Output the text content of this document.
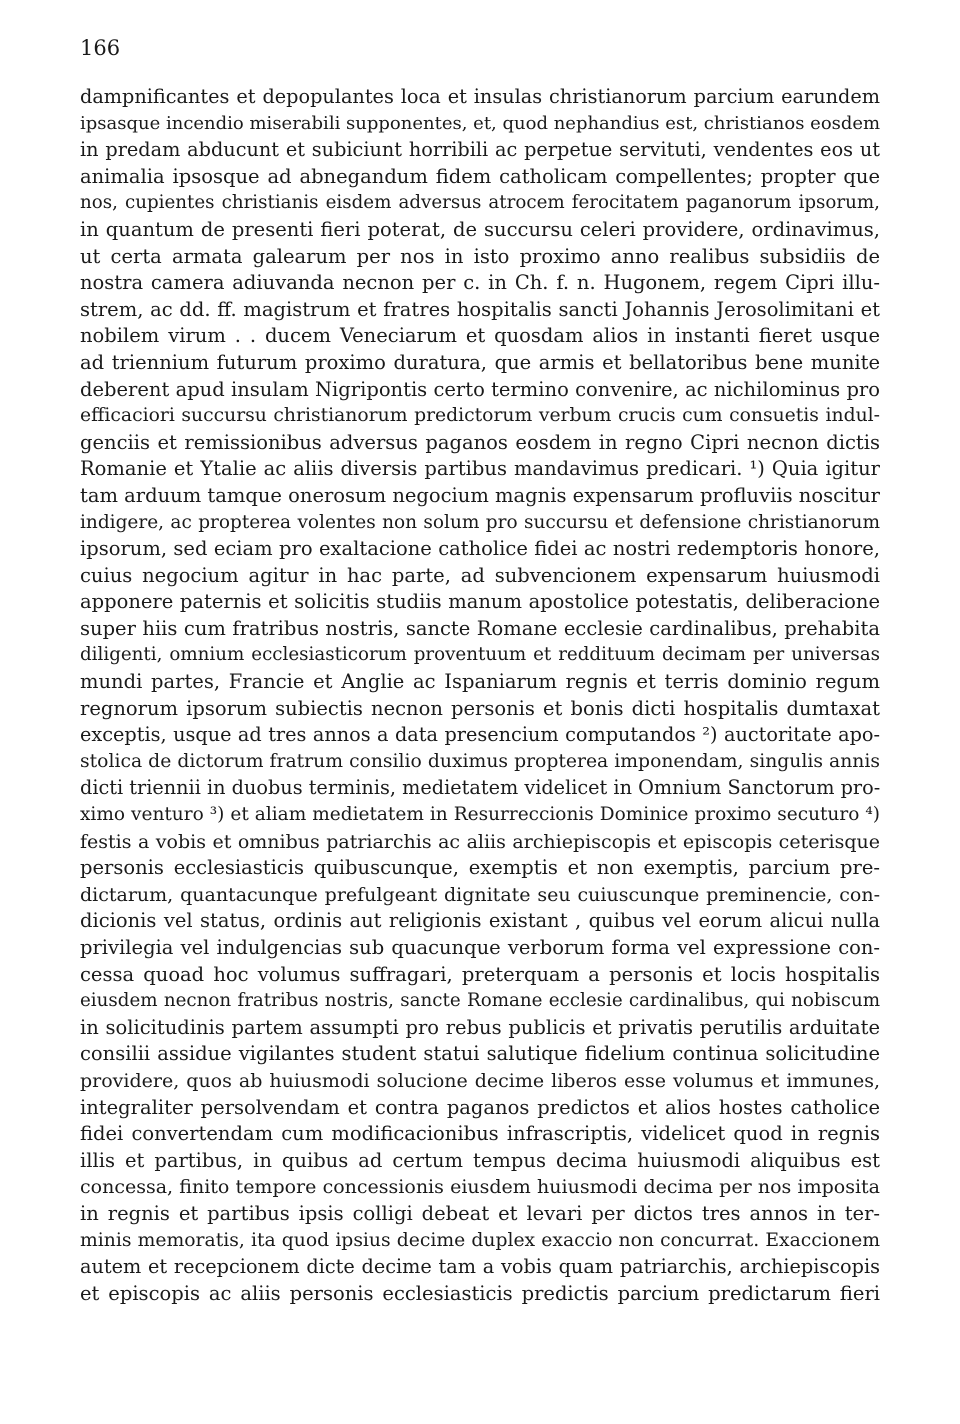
166
dampnificantes et depopulantes loca et insulas christianorum parcium earundem
ipsasque incendio miserabili supponentes, et, quod nephandius est, christianos eosdem
in predam abducunt et subiciunt horribili ac perpetue servituti, vendentes eos ut
animalia ipsosque ad abnegandum fidem catholicam compellentes; propter que
nos, cupientes christianis eisdem adversus atrocem ferocitatem paganorum ipsorum,
in quantum de presenti fieri poterat, de succursu celeri providere, ordinavimus,
ut certa armata galearum per nos in isto proximo anno realibus subsidiis de
nostra camera adiuvanda necnon per c. in Ch. f. n. Hugonem, regem Cipri illu-
strem, ac dd. ff. magistrum et fratres hospitalis sancti Johannis Jerosolimitani et
nobilem virum . . ducem Veneciarum et quosdam alios in instanti fieret usque
ad triennium futurum proximo duratura, que armis et bellatoribus bene munite
deberent apud insulam Nigripontis certo termino convenire, ac nichilominus pro
efficaciori succursu christianorum predictorum verbum crucis cum consuetis indul-
genciis et remissionibus adversus paganos eosdem in regno Cipri necnon dictis
Romanie et Ytalie ac aliis diversis partibus mandavimus predicari. ¹) Quia igitur
tam arduum tamque onerosum negocium magnis expensarum profluviis noscitur
indigere, ac propterea volentes non solum pro succursu et defensione christianorum
ipsorum, sed eciam pro exaltacione catholice fidei ac nostri redemptoris honore,
cuius negocium agitur in hac parte, ad subvencionem expensarum huiusmodi
apponere paternis et solicitis studiis manum apostolice potestatis, deliberacione
super hiis cum fratribus nostris, sancte Romane ecclesie cardinalibus, prehabita
diligenti, omnium ecclesiasticorum proventuum et reddituum decimam per universas
mundi partes, Francie et Anglie ac Ispaniarum regnis et terris dominio regum
regnorum ipsorum subiectis necnon personis et bonis dicti hospitalis dumtaxat
exceptis, usque ad tres annos a data presencium computandos ²) auctoritate apo-
stolica de dictorum fratrum consilio duximus propterea imponendam, singulis annis
dicti triennii in duobus terminis, medietatem videlicet in Omnium Sanctorum pro-
ximo venturo ³) et aliam medietatem in Resurreccionis Dominice proximo secuturo ⁴)
festis a vobis et omnibus patriarchis ac aliis archiepiscopis et episcopis ceterisque
personis ecclesiasticis quibuscunque, exemptis et non exemptis, parcium pre-
dictarum, quantacunque prefulgeant dignitate seu cuiuscunque preminencie, con-
dicionis vel status, ordinis aut religionis existant , quibus vel eorum alicui nulla
privilegia vel indulgencias sub quacunque verborum forma vel expressione con-
cessa quoad hoc volumus suffragari, preterquam a personis et locis hospitalis
eiusdem necnon fratribus nostris, sancte Romane ecclesie cardinalibus, qui nobiscum
in solicitudinis partem assumpti pro rebus publicis et privatis perutilis arduitate
consilii assidue vigilantes student statui salutique fidelium continua solicitudine
providere, quos ab huiusmodi solucione decime liberos esse volumus et immunes,
integraliter persolvendam et contra paganos predictos et alios hostes catholice
fidei convertendam cum modificacionibus infrascriptis, videlicet quod in regnis
illis et partibus, in quibus ad certum tempus decima huiusmodi aliquibus est
concessa, finito tempore concessionis eiusdem huiusmodi decima per nos imposita
in regnis et partibus ipsis colligi debeat et levari per dictos tres annos in ter-
minis memoratis, ita quod ipsius decime duplex exaccio non concurrat. Exaccionem
autem et recepcionem dicte decime tam a vobis quam patriarchis, archiepiscopis
et episcopis ac aliis personis ecclesiasticis predictis parcium predictarum fieri
